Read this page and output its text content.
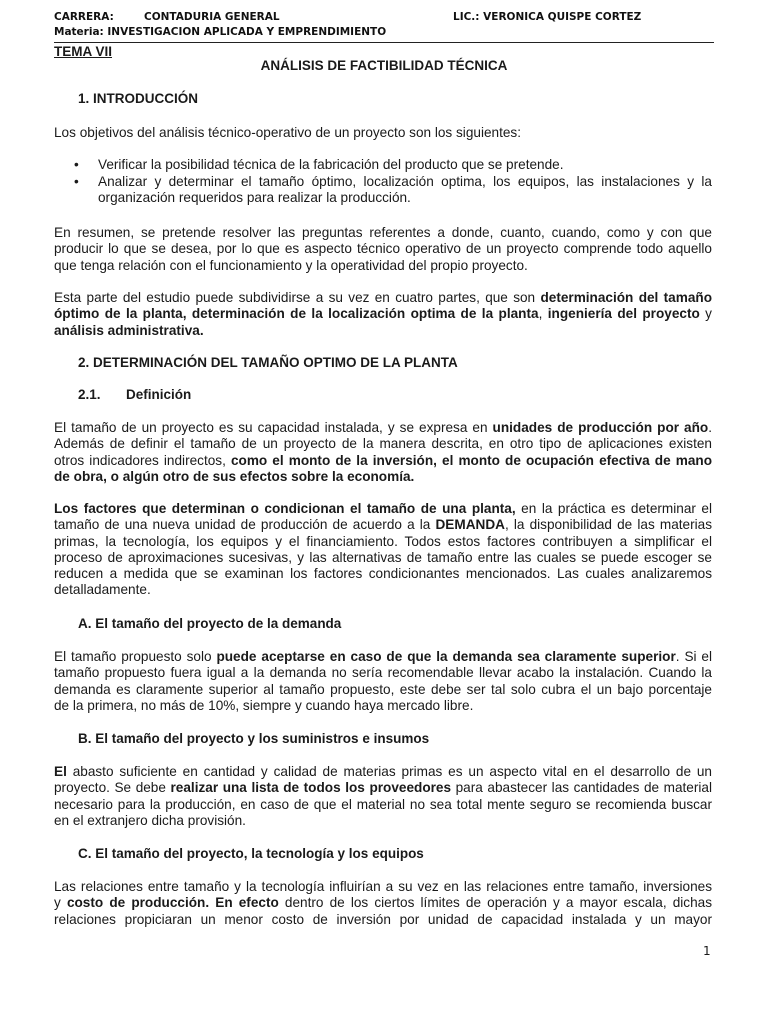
CARRERA:	CONTADURIA GENERAL	LIC.: VERONICA QUISPE CORTEZ
Materia: INVESTIGACION APLICADA Y EMPRENDIMIENTO
TEMA VII
ANÁLISIS DE FACTIBILIDAD TÉCNICA
1. INTRODUCCIÓN
Los objetivos del análisis técnico-operativo de un proyecto son los siguientes:
• Verificar la posibilidad técnica de la fabricación del producto que se pretende.
• Analizar y determinar el tamaño óptimo, localización optima, los equipos, las instalaciones y la
organización requeridos para realizar la producción.
En resumen, se pretende resolver las preguntas referentes a donde, cuanto, cuando, como y con que
producir lo que se desea, por lo que es aspecto técnico operativo de un proyecto comprende todo aquello
que tenga relación con el funcionamiento y la operatividad del propio proyecto.
Esta parte del estudio puede subdividirse a su vez en cuatro partes, que son determinación del tamaño
óptimo de la planta, determinación de la localización optima de la planta, ingeniería del proyecto y
análisis administrativa.
2. DETERMINACIÓN DEL TAMAÑO OPTIMO DE LA PLANTA
2.1. Definición
El tamaño de un proyecto es su capacidad instalada, y se expresa en unidades de producción por año.
Además de definir el tamaño de un proyecto de la manera descrita, en otro tipo de aplicaciones existen
otros indicadores indirectos, como el monto de la inversión, el monto de ocupación efectiva de mano
de obra, o algún otro de sus efectos sobre la economía.
Los factores que determinan o condicionan el tamaño de una planta, en la práctica es determinar el
tamaño de una nueva unidad de producción de acuerdo a la DEMANDA, la disponibilidad de las materias
primas, la tecnología, los equipos y el financiamiento. Todos estos factores contribuyen a simplificar el
proceso de aproximaciones sucesivas, y las alternativas de tamaño entre las cuales se puede escoger se
reducen a medida que se examinan los factores condicionantes mencionados. Las cuales analizaremos
detalladamente.
A. El tamaño del proyecto de la demanda
El tamaño propuesto solo puede aceptarse en caso de que la demanda sea claramente superior. Si el
tamaño propuesto fuera igual a la demanda no sería recomendable llevar acabo la instalación. Cuando la
demanda es claramente superior al tamaño propuesto, este debe ser tal solo cubra el un bajo porcentaje
de la primera, no más de 10%, siempre y cuando haya mercado libre.
B. El tamaño del proyecto y los suministros e insumos
El abasto suficiente en cantidad y calidad de materias primas es un aspecto vital en el desarrollo de un
proyecto. Se debe realizar una lista de todos los proveedores para abastecer las cantidades de material
necesario para la producción, en caso de que el material no sea total mente seguro se recomienda buscar
en el extranjero dicha provisión.
C. El tamaño del proyecto, la tecnología y los equipos
Las relaciones entre tamaño y la tecnología influirían a su vez en las relaciones entre tamaño, inversiones
y costo de producción. En efecto dentro de los ciertos límites de operación y a mayor escala, dichas
relaciones propiciaran un menor costo de inversión por unidad de capacidad instalada y un mayor
1
